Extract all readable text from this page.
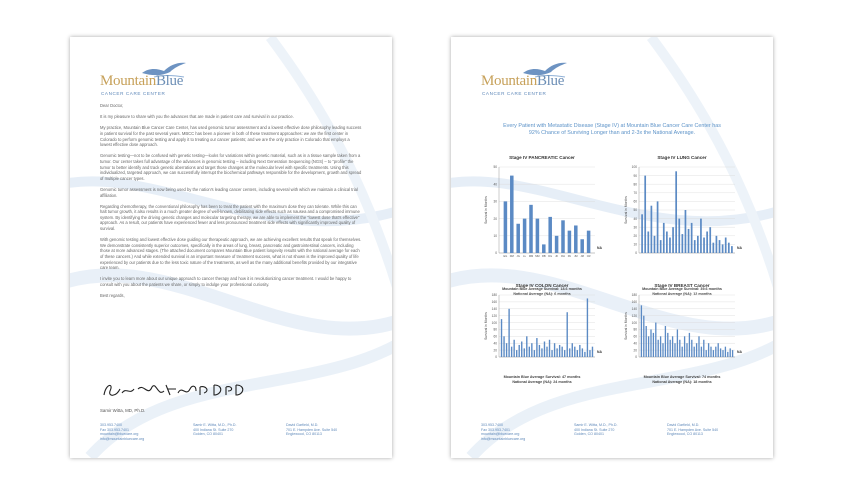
MountainBlue
CANCER CARE CENTER

Dear Doctor,

It is my pleasure to share with you the advances that are made in patient care and survival in our practice.

My practice, Mountain Blue Cancer Care Center, has used genomic tumor assessment and a lowest effective dose philosophy leading success in patient survival for the past several years. MBCC has been a pioneer in both of these treatment approaches: we are the first center in Colorado to perform genomic testing and apply it to treating our cancer patients; and we are the only practice in Colorado that employs a lowest effective dose approach.

Genomic testing—not to be confused with genetic testing—looks for variations within genetic material, such as in a tissue sample taken from a tumor. Our center takes full advantage of the advances in genomic testing – including Next Generation Sequencing (NGS) – to “profile” the tumor to better identify and track genetic aberrations and target those changes at the molecular level with specific treatments. Using this individualized, targeted approach, we can successfully interrupt the biochemical pathways responsible for the development, growth and spread of multiple cancer types.

Genomic tumor assessment is now being used by the nation's leading cancer centers, including several with which we maintain a clinical trial affiliation.

Regarding chemotherapy, the conventional philosophy has been to treat the patient with the maximum dose they can tolerate. While this can halt tumor growth, it also results in a much greater degree of well-known, debilitating side effects such as nausea and a compromised immune system. By identifying the driving genetic changes and molecular targeting therapy, we are able to implement the “lowest dose that's effective” approach. As a result, our patients have experienced fewer and less pronounced treatment side effects with significantly improved quality of survival.

With genomic testing and lowest effective dose guiding our therapeutic approach, we are achieving excellent results that speak for themselves. We demonstrate consistently superior outcomes, specifically in the areas of lung, breast, pancreatic and gastrointestinal cancers, including those at more advanced stages. (The attached document compares Mountain Blue patient longevity results with the national average for each of these cancers.) And while extended survival is an important measure of treatment success, what is not shown is the improved quality of life experienced by our patients due to the less toxic nature of the treatments, as well as the many additional benefits provided by our integrative care team.

I invite you to learn more about our unique approach to cancer therapy and how it is revolutionizing cancer treatment. I would be happy to consult with you about the patients we share, or simply to indulge your professional curiosity.

Best regards,

Samir Witta, MD, Ph.D.
303.953.7400
Fax 303.953.7401
mountain@bluecare.org
info@mountainbluecare.org
Samir E. Witta, M.D., Ph.D.
400 Indiana St. Suite 270
Golden, CO 80401
David Garfield, M.D.
701 E. Hampden Ave. Suite 540
Englewood, CO 80113
MountainBlue
CANCER CARE CENTER
Every Patient with Metastatic Disease (Stage IV) at Mountain Blue Cancer Care Center has
92% Chance of Surviving Longer than and 2-3x the National Average.
Stage IV PANCREATIC Cancer
0
10
20
30
40
50
Survival in Months
EG DM JG LL MM MM RB DG JK RH PA JM JM CR
NA
Mountain Blue Average Survival: 18.6 months
National Average (NA): 6 months
Stage IV LUNG Cancer
0
10
20
30
40
50
60
70
80
90
100
Survival in Months
NA
Mountain Blue Average Survival: 39.6 months
National Average (NA): 12 months
Stage IV COLON Cancer
0
20
40
60
80
100
120
140
160
180
Survival in Months
NA
Mountain Blue Average Survival: 47 months
National Average (NA): 24 months
Stage IV BREAST Cancer
0
20
40
60
80
100
120
140
160
180
Survival in Months
NA
Mountain Blue Average Survival: 74 months
National Average (NA): 18 months
303.953.7400
Fax 303.953.7401
mountain@bluecare.org
info@mountainbluecare.org
Samir E. Witta, M.D., Ph.D.
400 Indiana St. Suite 270
Golden, CO 80401
David Garfield, M.D.
701 E. Hampden Ave. Suite 540
Englewood, CO 80113
